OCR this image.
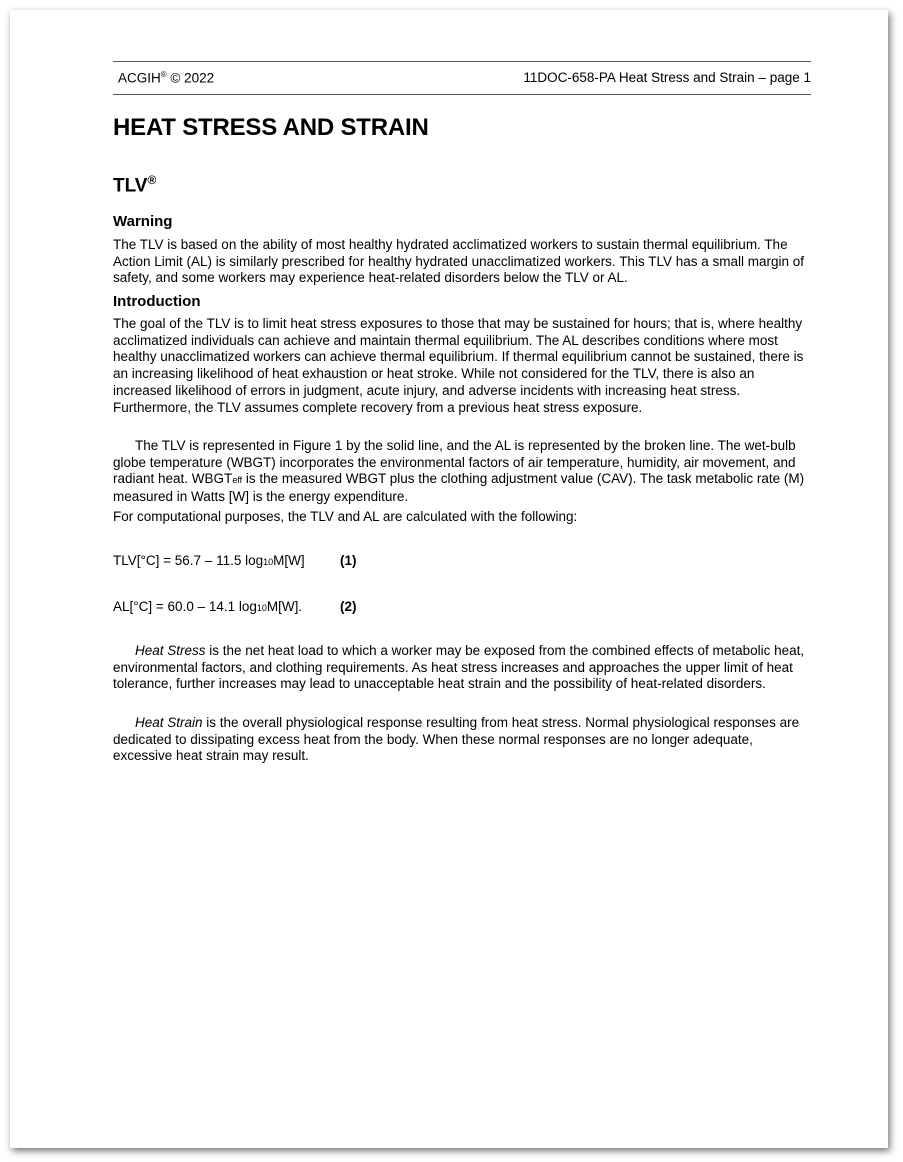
ACGIH® © 2022	11DOC-658-PA Heat Stress and Strain – page 1
HEAT STRESS AND STRAIN
TLV®
Warning

The TLV is based on the ability of most healthy hydrated acclimatized workers to sustain thermal equilibrium. The Action Limit (AL) is similarly prescribed for healthy hydrated unacclimatized workers. This TLV has a small margin of safety, and some workers may experience heat-related disorders below the TLV or AL.

Introduction

The goal of the TLV is to limit heat stress exposures to those that may be sustained for hours; that is, where healthy acclimatized individuals can achieve and maintain thermal equilibrium. The AL describes conditions where most healthy unacclimatized workers can achieve thermal equilibrium. If thermal equilibrium cannot be sustained, there is an increasing likelihood of heat exhaustion or heat stroke. While not considered for the TLV, there is also an increased likelihood of errors in judgment, acute injury, and adverse incidents with increasing heat stress. Furthermore, the TLV assumes complete recovery from a previous heat stress exposure.

The TLV is represented in Figure 1 by the solid line, and the AL is represented by the broken line. The wet-bulb globe temperature (WBGT) incorporates the environmental factors of air temperature, humidity, air movement, and radiant heat. WBGTeff is the measured WBGT plus the clothing adjustment value (CAV). The task metabolic rate (M) measured in Watts [W] is the energy expenditure.

For computational purposes, the TLV and AL are calculated with the following:

TLV[°C] = 56.7 – 11.5 log10M[W]	(1)
AL[°C] = 60.0 – 14.1 log10M[W].	(2)

Heat Stress is the net heat load to which a worker may be exposed from the combined effects of metabolic heat, environmental factors, and clothing requirements. As heat stress increases and approaches the upper limit of heat tolerance, further increases may lead to unacceptable heat strain and the possibility of heat-related disorders.

Heat Strain is the overall physiological response resulting from heat stress. Normal physiological responses are dedicated to dissipating excess heat from the body. When these normal responses are no longer adequate, excessive heat strain may result.
